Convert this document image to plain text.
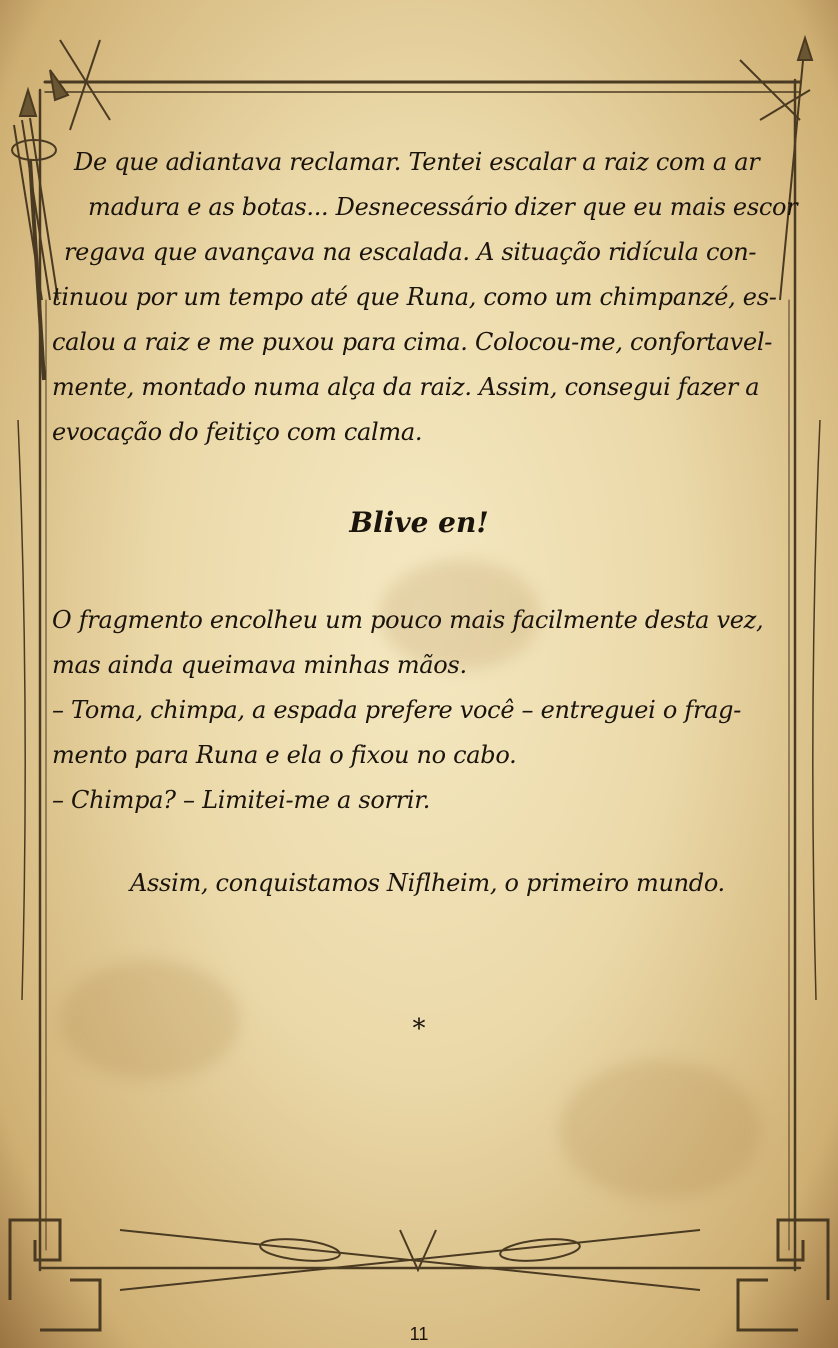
De que adiantava reclamar. Tentei escalar a raiz com a ar
madura e as botas... Desnecessário dizer que eu mais escor
regava que avançava na escalada. A situação ridícula con-
tinuou por um tempo até que Runa, como um chimpanzé, es-
calou a raiz e me puxou para cima. Colocou-me, confortavel-
mente, montado numa alça da raiz. Assim, consegui fazer a
evocação do feitiço com calma.
Blive en!
O fragmento encolheu um pouco mais facilmente desta vez,
mas ainda queimava minhas mãos.
– Toma, chimpa, a espada prefere você – entreguei o frag-
mento para Runa e ela o fixou no cabo.
– Chimpa? – Limitei-me a sorrir.
Assim, conquistamos Niflheim, o primeiro mundo.
*
11
